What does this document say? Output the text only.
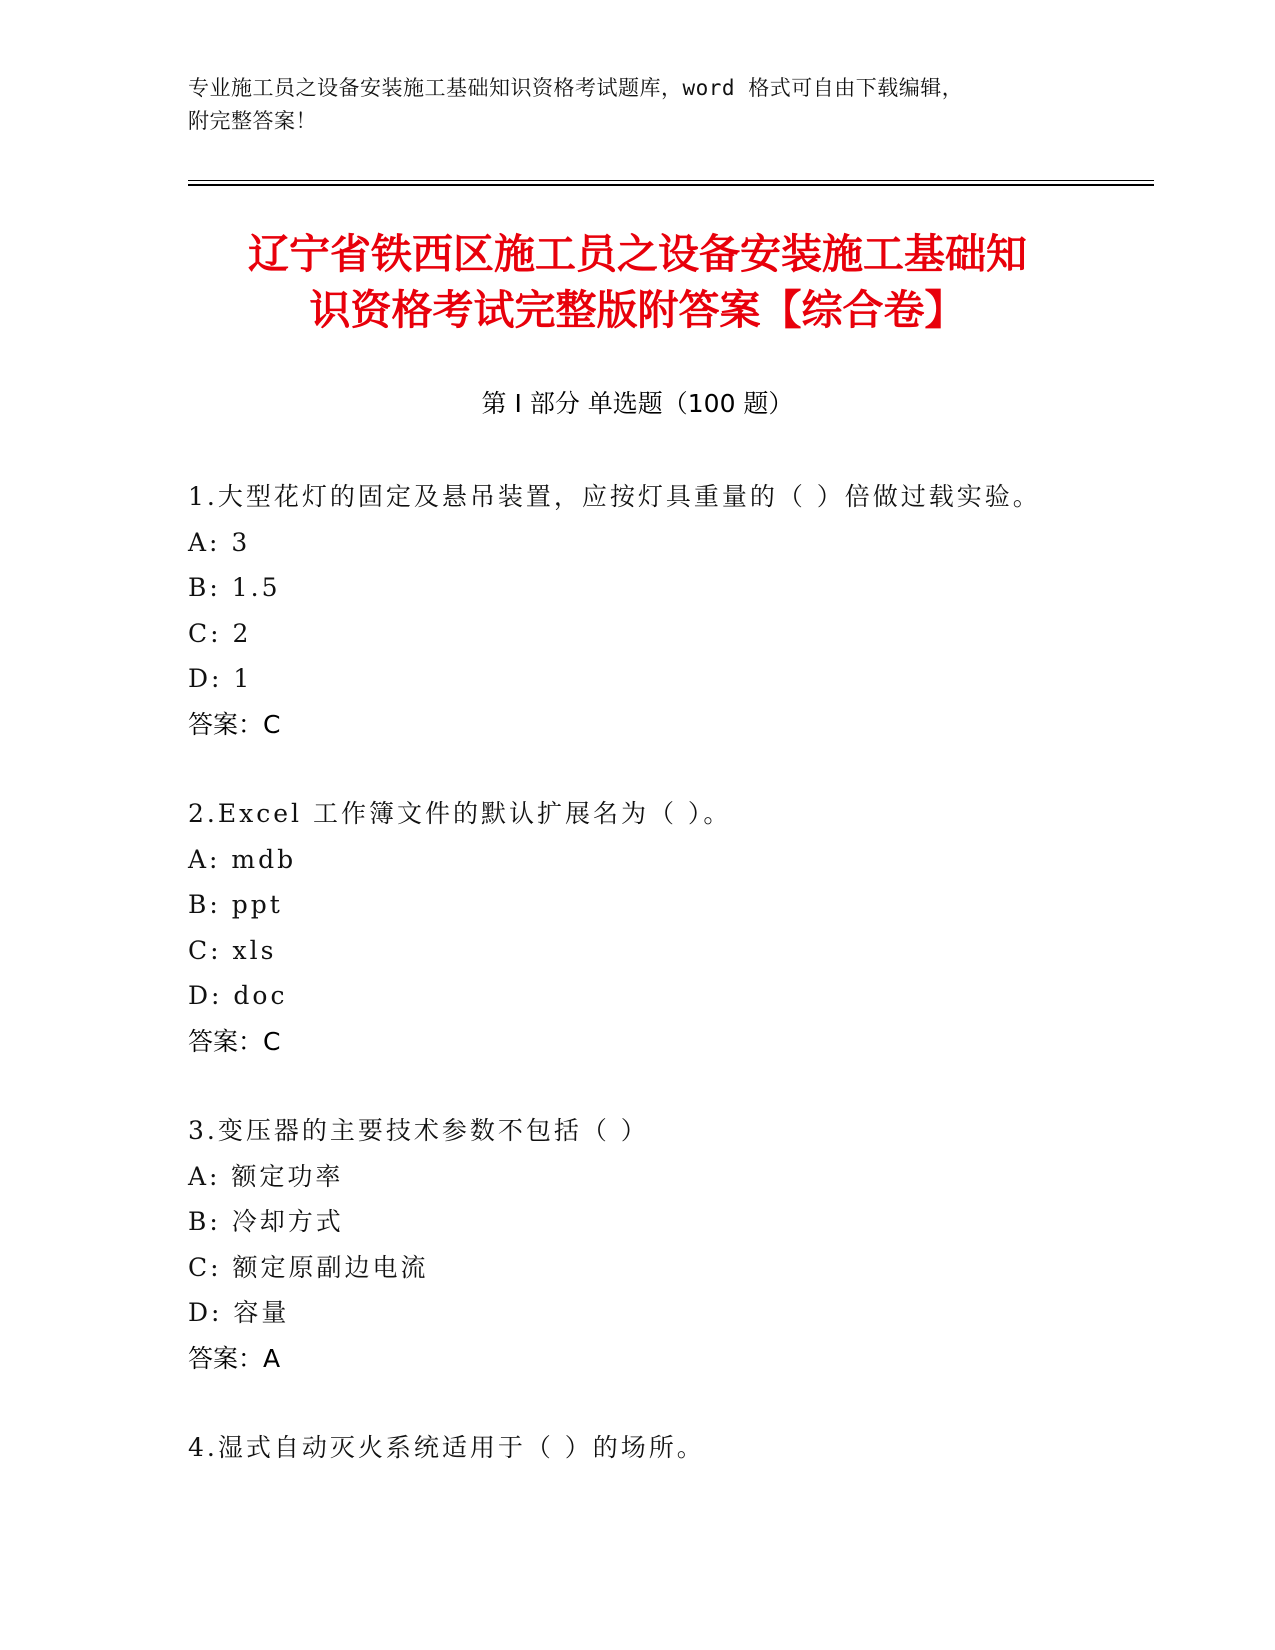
专业施工员之设备安装施工基础知识资格考试题库，word 格式可自由下载编辑，
附完整答案！
辽宁省铁西区施工员之设备安装施工基础知
识资格考试完整版附答案【综合卷】
第 I 部分 单选题（100 题）
1.大型花灯的固定及悬吊装置，应按灯具重量的（ ）倍做过载实验。
A: 3
B: 1.5
C: 2
D: 1
答案：C
2.Excel 工作簿文件的默认扩展名为（ ）。
A: mdb
B: ppt
C: xls
D: doc
答案：C
3.变压器的主要技术参数不包括（ ）
A: 额定功率
B: 冷却方式
C: 额定原副边电流
D: 容量
答案：A
4.湿式自动灭火系统适用于（ ）的场所。
